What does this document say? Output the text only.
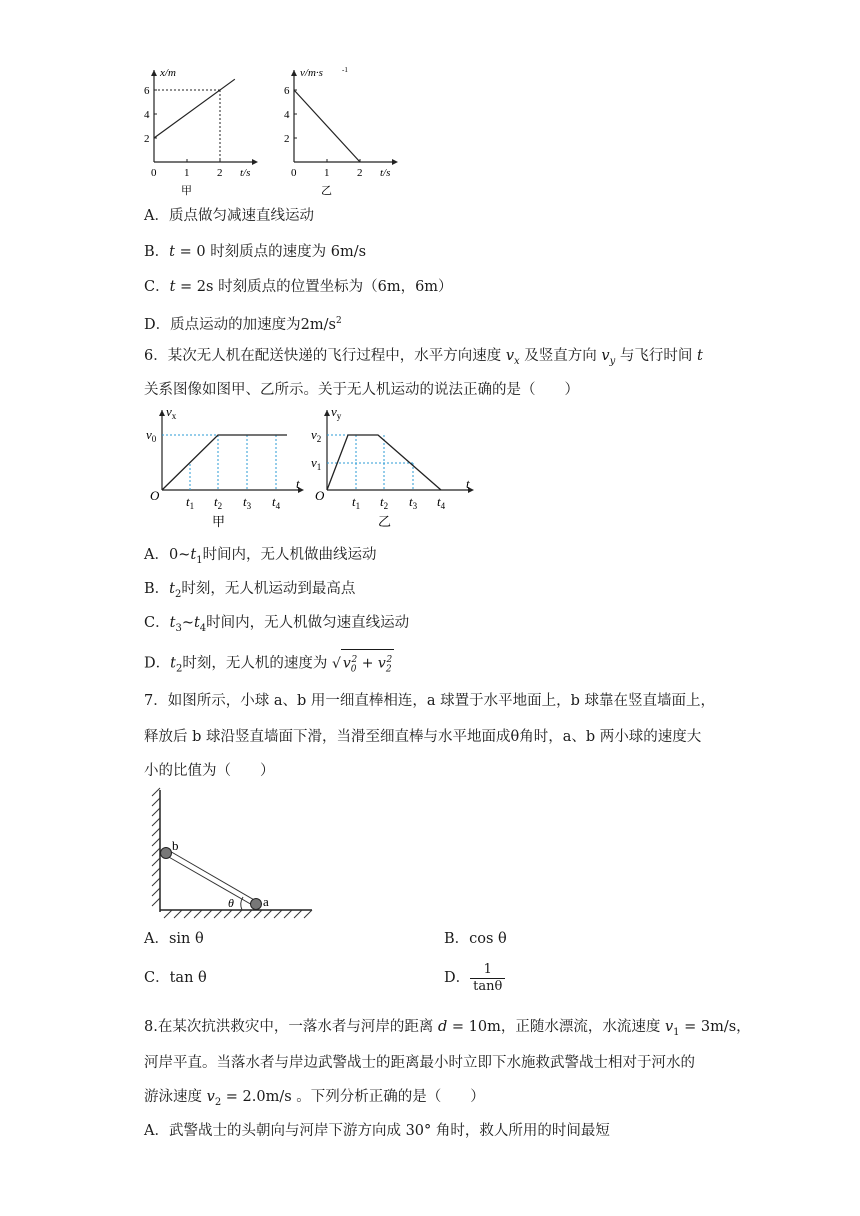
2
4
6
0	1	2
x/m
t/s
甲
2
4
6
0	1	2
v/m·s	-1
t/s
乙
A．质点做匀减速直线运动
B．t = 0 时刻质点的速度为 6m/s
C．t = 2s 时刻质点的位置坐标为（6m，6m）
D．质点运动的加速度为$2m/s^2$
6．某次无人机在配送快递的飞行过程中，水平方向速度 $v_x$ 及竖直方向 $v_y$ 与飞行时间 t
关系图像如图甲、乙所示。关于无人机运动的说法正确的是（　　）
O
t
$v_x$
$v_0$
$t_1$ $t_2$ $t_3$ $t_4$
甲
O
t
$v_y$
$v_2$
$v_1$
$t_1$ $t_2$ $t_3$ $t_4$
乙
A．$0\sim t_1$时间内，无人机做曲线运动
B．$t_2$时刻，无人机运动到最高点
C．$t_3\sim t_4$时间内，无人机做匀速直线运动
D．$t_2$时刻，无人机的速度为 √ $v_0^2 + v_2^2$
7．如图所示，小球 a、b 用一细直棒相连，a 球置于水平地面上，b 球靠在竖直墙面上，
释放后 b 球沿竖直墙面下滑，当滑至细直棒与水平地面成θ角时，a、b 两小球的速度大
小的比值为（　　）
b
a
θ
A．sin θ	B．cos θ
C．tan θ	D． $\frac{1}{\tan\theta}$
8.在某次抗洪救灾中，一落水者与河岸的距离 d = 10m，正随水漂流，水流速度 $v_1 = 3m/s$，
河岸平直。当落水者与岸边武警战士的距离最小时立即下水施救武警战士相对于河水的
游泳速度 $v_2 = 2.0m/s$ 。下列分析正确的是（　　）
A．武警战士的头朝向与河岸下游方向成 30° 角时，救人所用的时间最短
